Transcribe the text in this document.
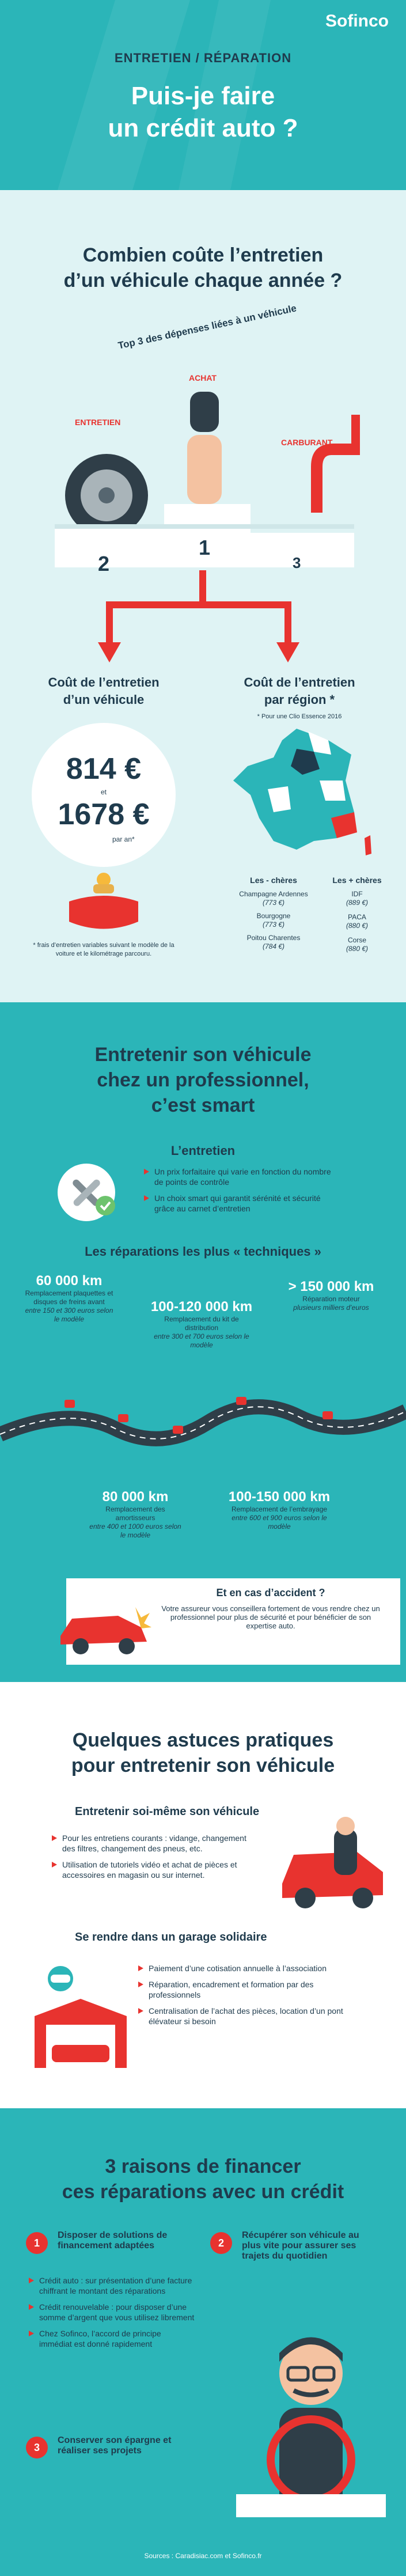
Sofinco
ENTRETIEN / RÉPARATION
Puis-je faire
un crédit auto ?
Combien coûte l’entretien
d’un véhicule chaque année ?
Top 3 des dépenses liées à un véhicule
ACHAT
ENTRETIEN
CARBURANT
1
2	3
Coût de l’entretien
d’un véhicule
814 €
et
1678 €
par an*
* frais d’entretien variables suivant le modèle de la voiture et le kilométrage parcouru.
Coût de l’entretien
par région *
* Pour une Clio Essence 2016
Les - chères	Les + chères
Champagne Ardennes (773 €)
Bourgogne
(773 €)
Poitou Charentes
(784 €)
IDF
(889 €)
PACA
(880 €)
Corse
(880 €)
Entretenir son véhicule
chez un professionnel,
c’est smart
L’entretien
Un prix forfaitaire qui varie en fonction du nombre de points de contrôle
Un choix smart qui garantit sérénité et sécurité grâce au carnet d’entretien
Les réparations les plus « techniques »
60 000 km
Remplacement plaquettes et disques de freins avant
entre 150 et 300 euros selon le modèle
100-120 000 km
Remplacement du kit de distribution
entre 300 et 700 euros selon le modèle
> 150 000 km
Réparation moteur
plusieurs milliers d’euros
80 000 km
Remplacement des amortisseurs
entre 400 et 1000 euros selon le modèle
100-150 000 km
Remplacement de l’embrayage
entre 600 et 900 euros selon le modèle
Et en cas d’accident ?
Votre assureur vous conseillera fortement de vous rendre chez un professionnel pour plus de sécurité et pour bénéficier de son expertise auto.
Quelques astuces pratiques
pour entretenir son véhicule
Entretenir soi-même son véhicule
Pour les entretiens courants : vidange, changement des filtres, changement des pneus, etc.
Utilisation de tutoriels vidéo et achat de pièces et accessoires en magasin ou sur internet.
Se rendre dans un garage solidaire
Paiement d’une cotisation annuelle à l’association
Réparation, encadrement et formation par des professionnels
Centralisation de l’achat des pièces, location d’un pont élévateur si besoin
3 raisons de financer
ces réparations avec un crédit
1
Disposer de solutions de financement adaptées
Crédit auto : sur présentation d’une facture chiffrant le montant des réparations
Crédit renouvelable : pour disposer d’une somme d’argent que vous utilisez librement
Chez Sofinco, l’accord de principe immédiat est donné rapidement
2
Récupérer son véhicule au plus vite pour assurer ses trajets du quotidien
3
Conserver son épargne et réaliser ses projets
Sources : Caradisiac.com et Sofinco.fr
